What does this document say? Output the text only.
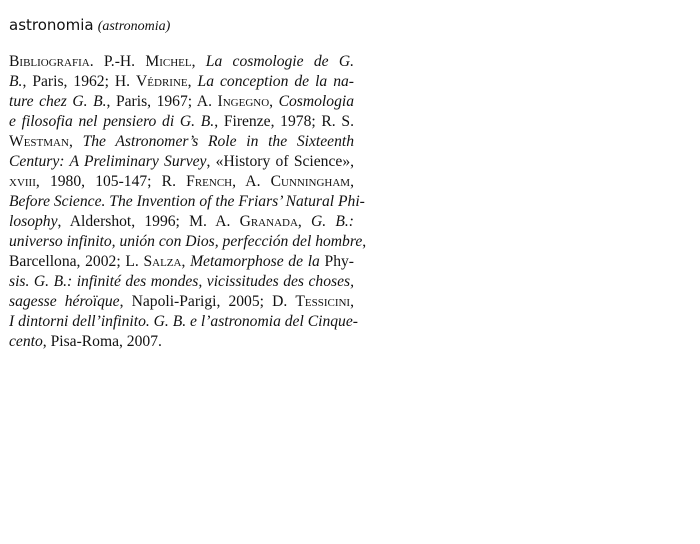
astronomia (astronomia)
Bibliografia. P.-H. Michel, La cosmologie de G.
B., Paris, 1962; H. Védrine, La conception de la na-
ture chez G. B., Paris, 1967; A. Ingegno, Cosmologia
e filosofia nel pensiero di G. B., Firenze, 1978; R. S.
Westman, The Astronomer’s Role in the Sixteenth
Century: A Preliminary Survey, «History of Science»,
xviii, 1980, 105-147; R. French, A. Cunningham,
Before Science. The Invention of the Friars’ Natural Phi-
losophy, Aldershot, 1996; M. A. Granada, G. B.:
universo infinito, unión con Dios, perfección del hombre,
Barcellona, 2002; L. Salza, Metamorphose de la Phy-
sis. G. B.: infinité des mondes, vicissitudes des choses,
sagesse héroïque, Napoli-Parigi, 2005; D. Tessicini,
I dintorni dell’infinito. G. B. e l’astronomia del Cinque-
cento, Pisa-Roma, 2007.
